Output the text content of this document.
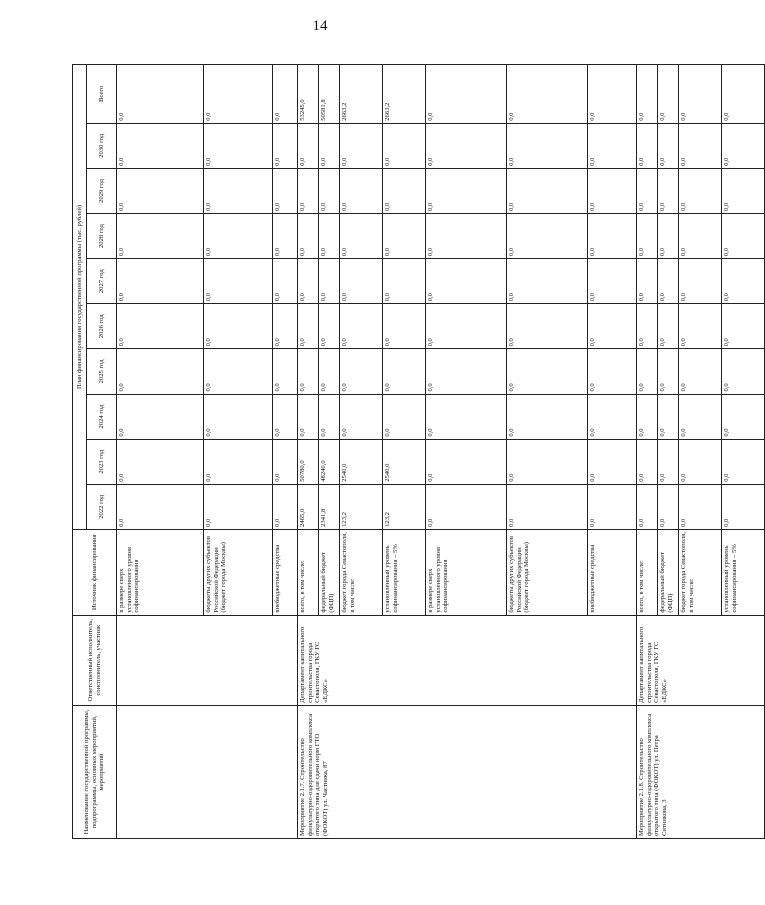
14
Наименование государственной программы, подпрограммы, основных мероприятий, мероприятий	Ответственный исполнитель, соисполнитель, участник	Источник финансирования	План финансирования государственной программы (тыс. рублей)									
			2022 год	2023 год	2024 год	2025 год	2026 год	2027 год	2028 год	2029 год	2030 год	Всего
		в размере сверх установленного уровня софинансирования	0,0	0,0	0,0	0,0	0,0	0,0	0,0	0,0	0,0	0,0
		бюджеты других субъектов Российской Федерации (бюджет города Москвы)	0,0	0,0	0,0	0,0	0,0	0,0	0,0	0,0	0,0	0,0
		внебюджетные средства	0,0	0,0	0,0	0,0	0,0	0,0	0,0	0,0	0,0	0,0
Мероприятие 2.1.7. Строительство физкультурно-оздоровительного комплекса открытого типа для сдачи норм ГТО (ФОКОТ) ул. Частника, 87	Департамент капитального строительства города Севастополя, ГКУ ГС «ЕДКС»	всего, в том числе:	2465,0	50780,0	0,0	0,0	0,0	0,0	0,0	0,0	0,0	53245,0
		федеральный бюджет (ФЦП)	2341,8	48240,0	0,0	0,0	0,0	0,0	0,0	0,0	0,0	50581,8
		бюджет города Севастополя, в том числе:	123,2	2540,0	0,0	0,0	0,0	0,0	0,0	0,0	0,0	2663,2
		установленный уровень софинансирования – 5%	123,2	2540,0	0,0	0,0	0,0	0,0	0,0	0,0	0,0	2663,2
		в размере сверх установленного уровня софинансирования	0,0	0,0	0,0	0,0	0,0	0,0	0,0	0,0	0,0	0,0
		бюджеты других субъектов Российской Федерации (бюджет города Москвы)	0,0	0,0	0,0	0,0	0,0	0,0	0,0	0,0	0,0	0,0
		внебюджетные средства	0,0	0,0	0,0	0,0	0,0	0,0	0,0	0,0	0,0	0,0
Мероприятие 2.1.8. Строительство физкультурно-оздоровительного комплекса открытого типа (ФОКОТ) ул. Петра Ситникова, 3	Департамент капитального строительства города Севастополя, ГКУ ГС «ЕДКС»	всего, в том числе:	0,0	0,0	0,0	0,0	0,0	0,0	0,0	0,0	0,0	0,0
		федеральный бюджет (ФЦП)	0,0	0,0	0,0	0,0	0,0	0,0	0,0	0,0	0,0	0,0
		бюджет города Севастополя, в том числе:	0,0	0,0	0,0	0,0	0,0	0,0	0,0	0,0	0,0	0,0
		установленный уровень софинансирования – 5%	0,0	0,0	0,0	0,0	0,0	0,0	0,0	0,0	0,0	0,0
